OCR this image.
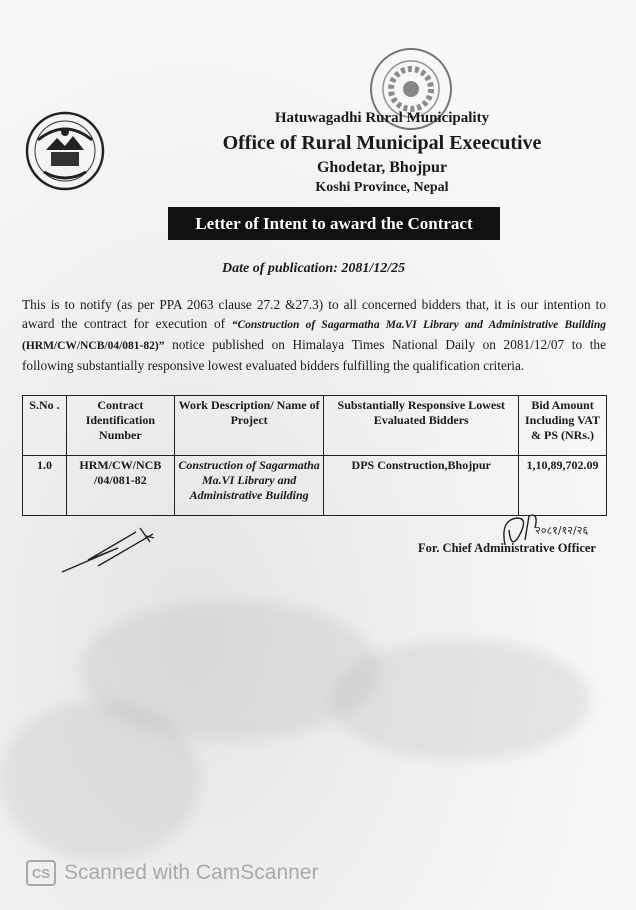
Hatuwagadhi Rural Municipality
Office of Rural Municipal Exeecutive
Ghodetar, Bhojpur
Koshi Province, Nepal
Letter of Intent to award the Contract
Date of publication: 2081/12/25
This is to notify (as per PPA 2063 clause 27.2 &27.3) to all concerned bidders that, it is our intention to award the contract for execution of “Construction of Sagarmatha Ma.VI Library and Administrative Building (HRM/CW/NCB/04/081-82)” notice published on Himalaya Times National Daily on 2081/12/07 to the following substantially responsive lowest evaluated bidders fulfilling the qualification criteria.
S.No .	Contract Identification Number	Work Description/ Name of Project	Substantially Responsive Lowest Evaluated Bidders	Bid Amount Including VAT & PS (NRs.)
1.0	HRM/CW/NCB /04/081-82	Construction of Sagarmatha Ma.VI Library and Administrative Building	DPS Construction,Bhojpur	1,10,89,702.09
२०८१/१२/२६
For. Chief Administrative Officer
CS Scanned with CamScanner
